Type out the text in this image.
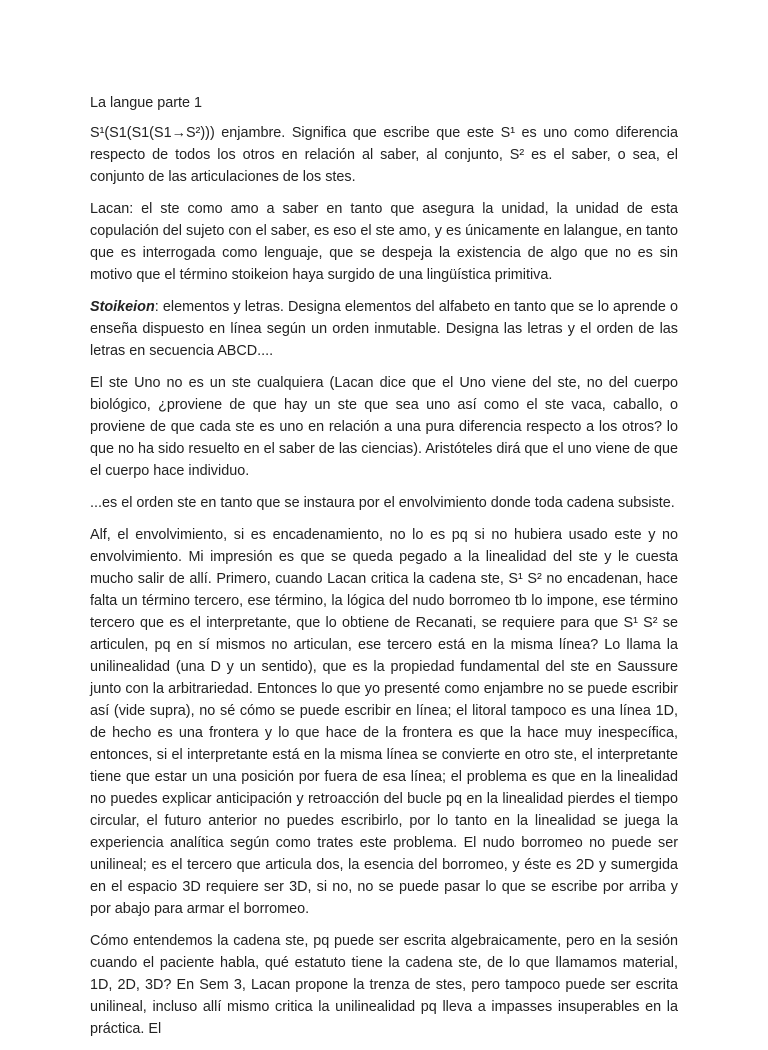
La langue parte 1

S¹(S1(S1(S1→S²))) enjambre. Significa que escribe que este S¹ es uno como diferencia respecto de todos los otros en relación al saber, al conjunto, S² es el saber, o sea, el conjunto de las articulaciones de los stes.

Lacan: el ste como amo a saber en tanto que asegura la unidad, la unidad de esta copulación del sujeto con el saber, es eso el ste amo, y es únicamente en lalangue, en tanto que es interrogada como lenguaje, que se despeja la existencia de algo que no es sin motivo que el término stoikeion haya surgido de una lingüística primitiva.

Stoikeion: elementos y letras. Designa elementos del alfabeto en tanto que se lo aprende o enseña dispuesto en línea según un orden inmutable. Designa las letras y el orden de las letras en secuencia ABCD....

El ste Uno no es un ste cualquiera (Lacan dice que el Uno viene del ste, no del cuerpo biológico, ¿proviene de que hay un ste que sea uno así como el ste vaca, caballo, o proviene de que cada ste es uno en relación a una pura diferencia respecto a los otros? lo que no ha sido resuelto en el saber de las ciencias). Aristóteles dirá que el uno viene de que el cuerpo hace individuo.

...es el orden ste en tanto que se instaura por el envolvimiento donde toda cadena subsiste.

Alf, el envolvimiento, si es encadenamiento, no lo es pq si no hubiera usado este y no envolvimiento. Mi impresión es que se queda pegado a la linealidad del ste y le cuesta mucho salir de allí. Primero, cuando Lacan critica la cadena ste, S¹ S² no encadenan, hace falta un término tercero, ese término, la lógica del nudo borromeo tb lo impone, ese término tercero que es el interpretante, que lo obtiene de Recanati, se requiere para que S¹ S² se articulen, pq en sí mismos no articulan, ese tercero está en la misma línea? Lo llama la unilinealidad (una D y un sentido), que es la propiedad fundamental del ste en Saussure junto con la arbitrariedad. Entonces lo que yo presenté como enjambre no se puede escribir así (vide supra), no sé cómo se puede escribir en línea; el litoral tampoco es una línea 1D, de hecho es una frontera y lo que hace de la frontera es que la hace muy inespecífica, entonces, si el interpretante está en la misma línea se convierte en otro ste, el interpretante tiene que estar un una posición por fuera de esa línea; el problema es que en la linealidad no puedes explicar anticipación y retroacción del bucle pq en la linealidad pierdes el tiempo circular, el futuro anterior no puedes escribirlo, por lo tanto en la linealidad se juega la experiencia analítica según como trates este problema. El nudo borromeo no puede ser unilineal; es el tercero que articula dos, la esencia del borromeo, y éste es 2D y sumergida en el espacio 3D requiere ser 3D, si no, no se puede pasar lo que se escribe por arriba y por abajo para armar el borromeo.

Cómo entendemos la cadena ste, pq puede ser escrita algebraicamente, pero en la sesión cuando el paciente habla, qué estatuto tiene la cadena ste, de lo que llamamos material, 1D, 2D, 3D? En Sem 3, Lacan propone la trenza de stes, pero tampoco puede ser escrita unilineal, incluso allí mismo critica la unilinealidad pq lleva a impasses insuperables en la práctica. El
